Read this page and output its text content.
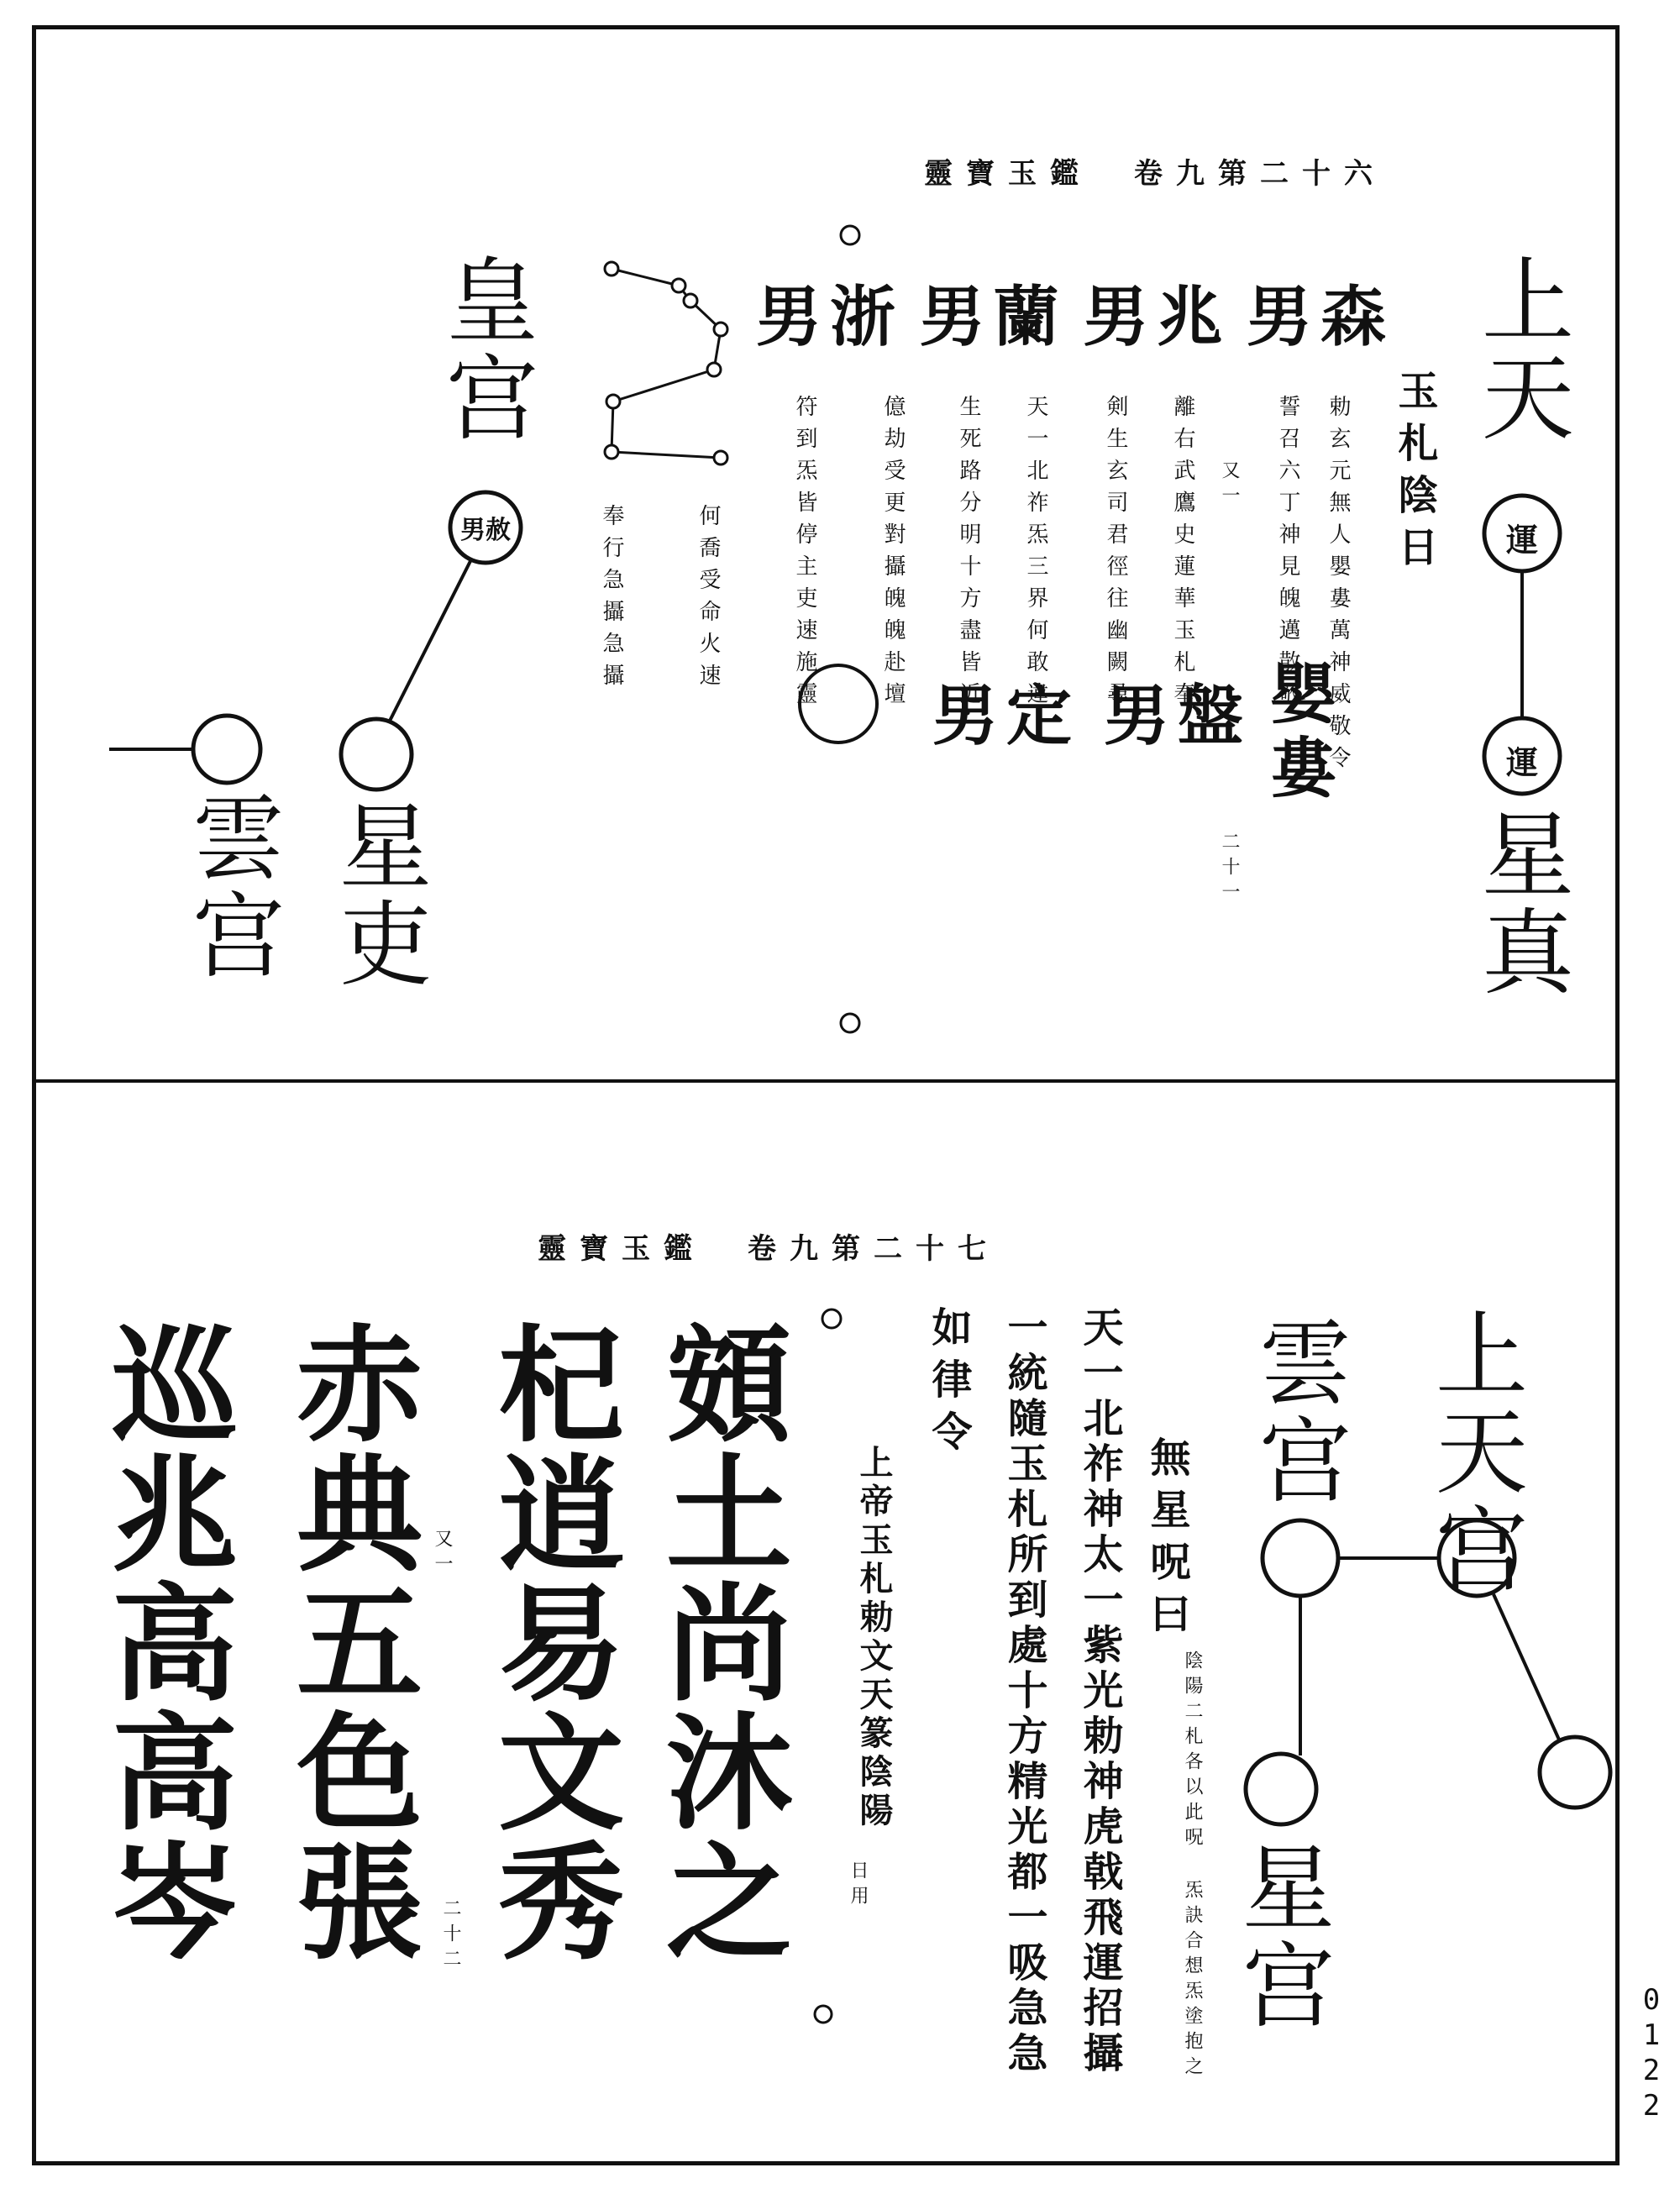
靈寶玉鑑　卷九第二十六
上天
運
運
星真
玉札陰日
勅玄元無人嬰婁萬神威敬令
誓召六丁神見魄邁散敬
又一
二十一
離右武鷹史蓮華玉札奉
剣生玄司君徑往幽闕尋
天一北祚炁三界何敢違
生死路分明十方盡皆近
億劫受更對攝魄魄赴壇
符到炁皆停主吏速施靈
嬰婁
男森
男兆
男蘭
男浙
男盤
男定
何喬受命火速
奉行急攝急攝
皇宫
男赦
星吏
雲宫
靈寶玉鑑　卷九第二十七
上天宫
雲宫
星宫
無星呪曰
陰陽二札各以此呪 炁訣合想炁塗抱之
天一北祚神太一紫光勅神虎戟飛運招攝
一統隨玉札所到處十方精光都一吸急急
如律令
上帝玉札勅文天篆陰陽
日用
頞土尚沐之
杞逍易文秀
赤典五色張
巡兆高高岑	又一
二十二
0
1
2
2
